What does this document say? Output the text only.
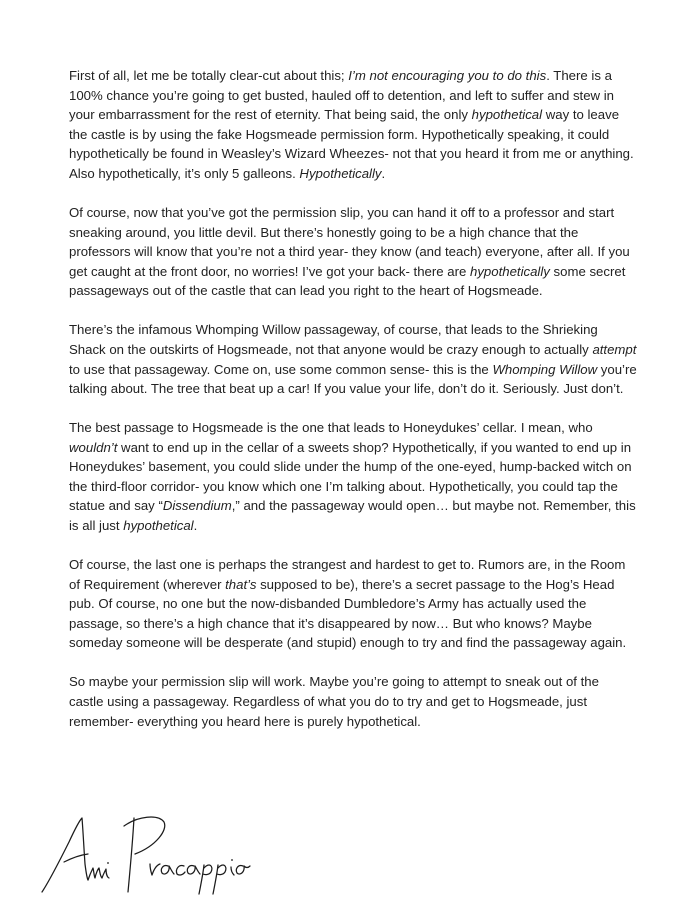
First of all, let me be totally clear-cut about this; I’m not encouraging you to do this. There is a 100% chance you’re going to get busted, hauled off to detention, and left to suffer and stew in your embarrassment for the rest of eternity. That being said, the only hypothetical way to leave the castle is by using the fake Hogsmeade permission form. Hypothetically speaking, it could hypothetically be found in Weasley’s Wizard Wheezes- not that you heard it from me or anything. Also hypothetically, it’s only 5 galleons. Hypothetically.

Of course, now that you’ve got the permission slip, you can hand it off to a professor and start sneaking around, you little devil. But there’s honestly going to be a high chance that the professors will know that you’re not a third year- they know (and teach) everyone, after all. If you get caught at the front door, no worries! I’ve got your back- there are hypothetically some secret passageways out of the castle that can lead you right to the heart of Hogsmeade.

There’s the infamous Whomping Willow passageway, of course, that leads to the Shrieking Shack on the outskirts of Hogsmeade, not that anyone would be crazy enough to actually attempt to use that passageway. Come on, use some common sense- this is the Whomping Willow you’re talking about. The tree that beat up a car! If you value your life, don’t do it. Seriously. Just don’t.

The best passage to Hogsmeade is the one that leads to Honeydukes’ cellar. I mean, who wouldn’t want to end up in the cellar of a sweets shop? Hypothetically, if you wanted to end up in Honeydukes’ basement, you could slide under the hump of the one-eyed, hump-backed witch on the third-floor corridor- you know which one I’m talking about. Hypothetically, you could tap the statue and say “Dissendium,” and the passageway would open… but maybe not. Remember, this is all just hypothetical.

Of course, the last one is perhaps the strangest and hardest to get to. Rumors are, in the Room of Requirement (wherever that’s supposed to be), there’s a secret passage to the Hog’s Head pub. Of course, no one but the now-disbanded Dumbledore’s Army has actually used the passage, so there’s a high chance that it’s disappeared by now… But who knows? Maybe someday someone will be desperate (and stupid) enough to try and find the passageway again.

So maybe your permission slip will work. Maybe you’re going to attempt to sneak out of the castle using a passageway. Regardless of what you do to try and get to Hogsmeade, just remember- everything you heard here is purely hypothetical.
